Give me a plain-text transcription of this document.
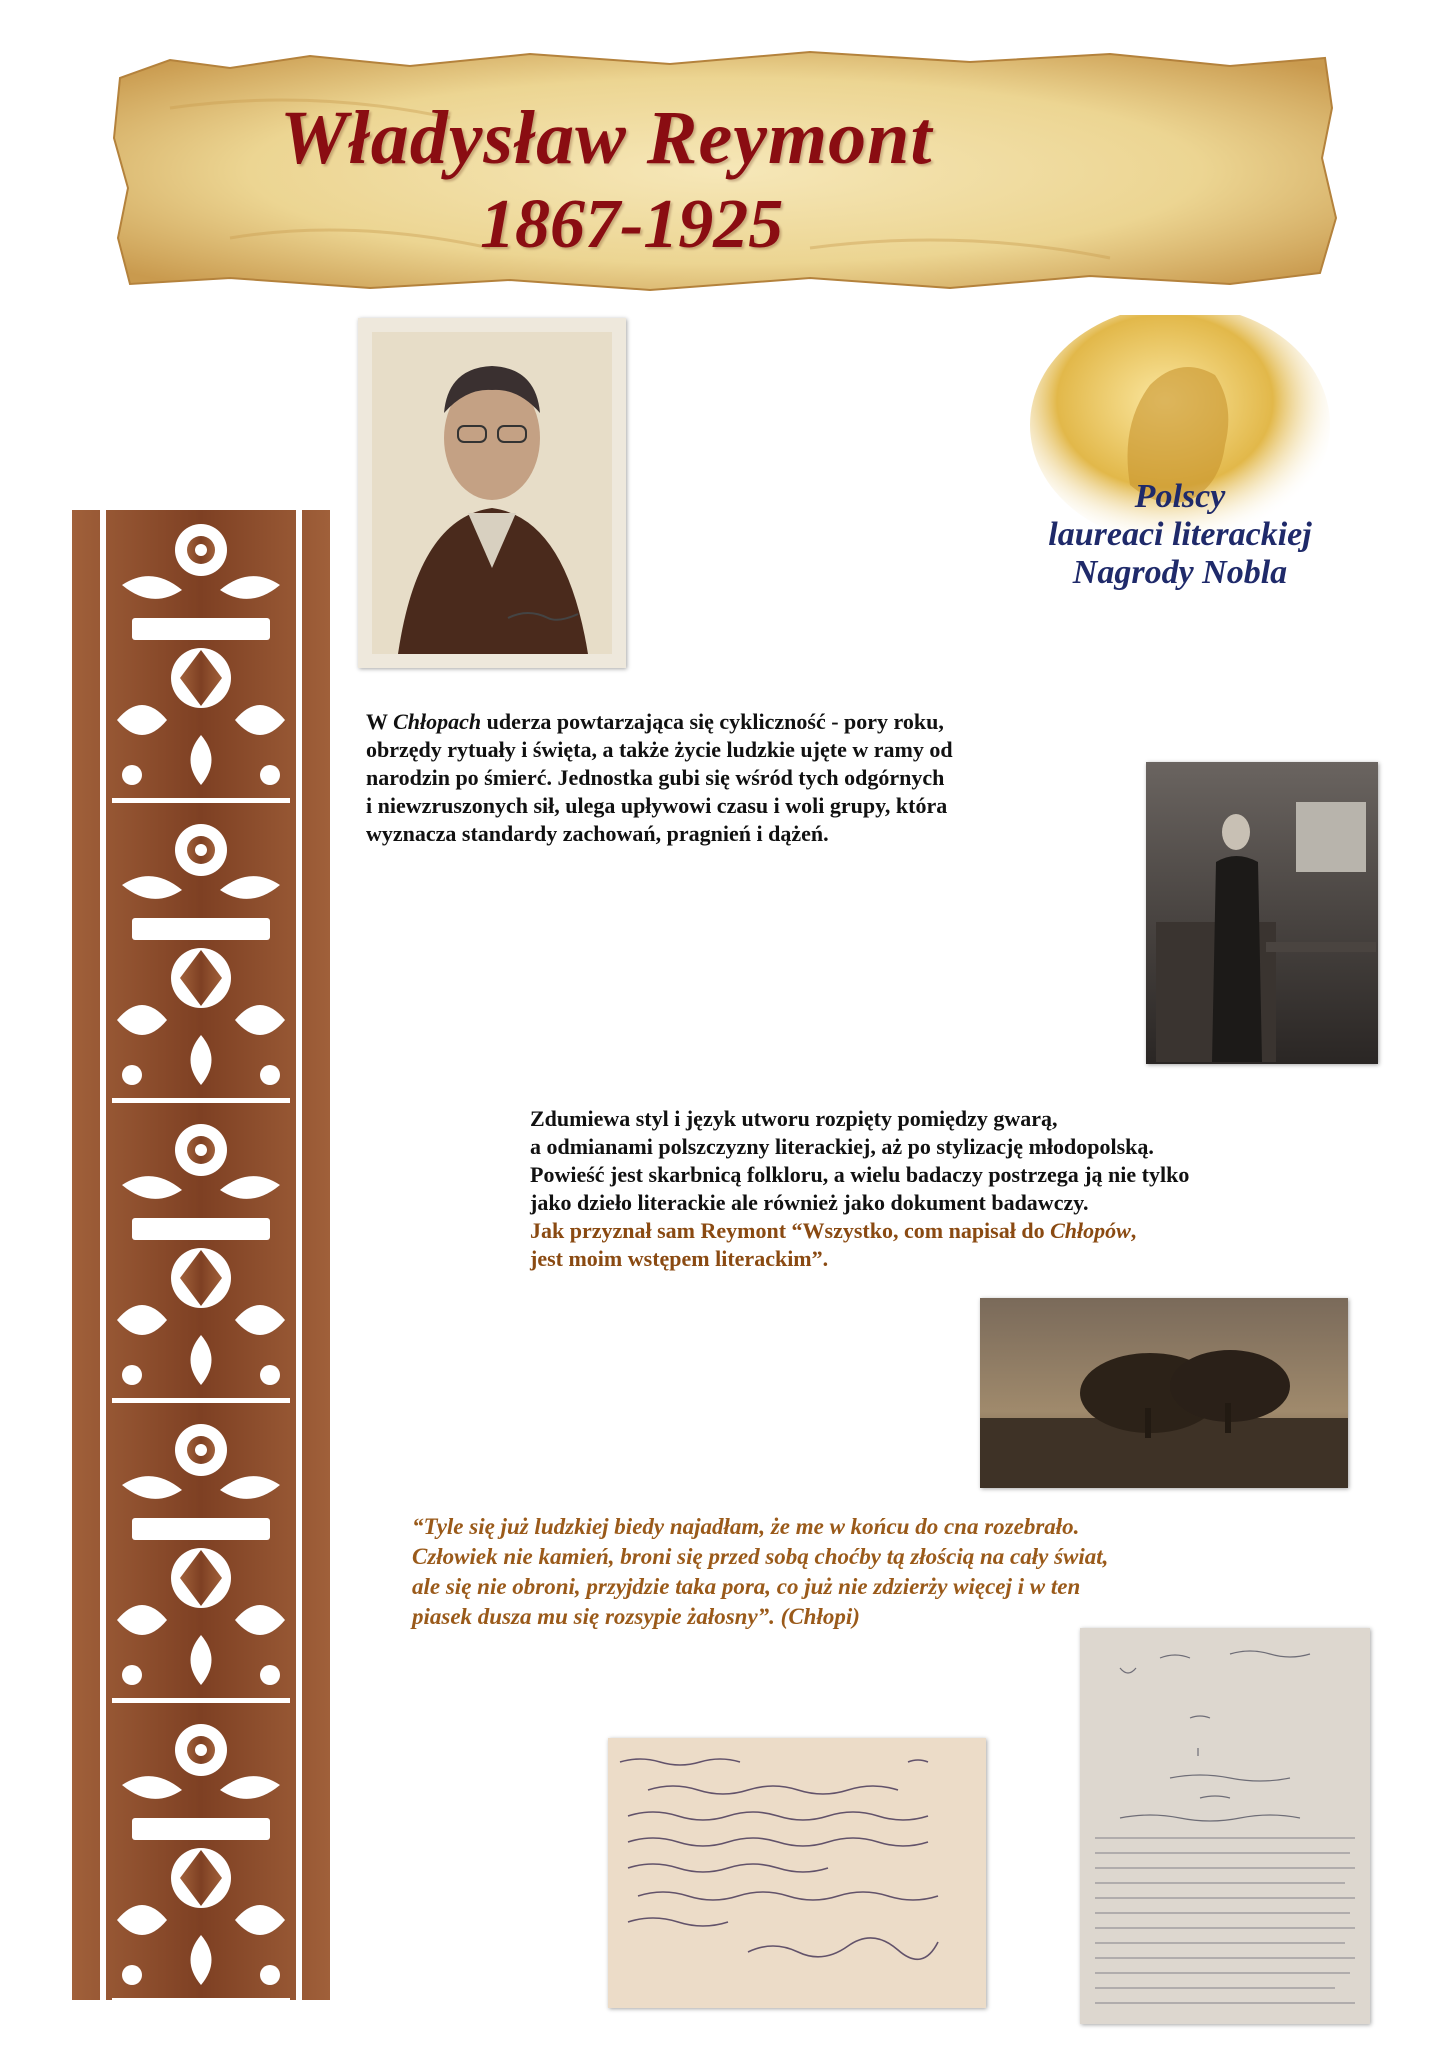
Władysław Reymont
1867-1925
Polscy
laureaci literackiej
Nagrody Nobla
W Chłopach uderza powtarzająca się cykliczność - pory roku,
obrzędy rytuały i święta, a także życie ludzkie ujęte w ramy od
narodzin po śmierć. Jednostka gubi się wśród tych odgórnych
i niewzruszonych sił, ulega upływowi czasu i woli grupy, która
wyznacza standardy zachowań, pragnień i dążeń.
Zdumiewa styl i język utworu rozpięty pomiędzy gwarą,
a odmianami polszczyzny literackiej, aż po stylizację młodopolską.
Powieść jest skarbnicą folkloru, a wielu badaczy postrzega ją nie tylko
jako dzieło literackie ale również jako dokument badawczy.
Jak przyznał sam Reymont “Wszystko, com napisał do Chłopów,
jest moim wstępem literackim”.
“Tyle się już ludzkiej biedy najadłam, że me w końcu do cna rozebrało.
Człowiek nie kamień, broni się przed sobą choćby tą złością na cały świat,
ale się nie obroni, przyjdzie taka pora, co już nie zdzierży więcej i w ten
piasek dusza mu się rozsypie żałosny”. (Chłopi)
